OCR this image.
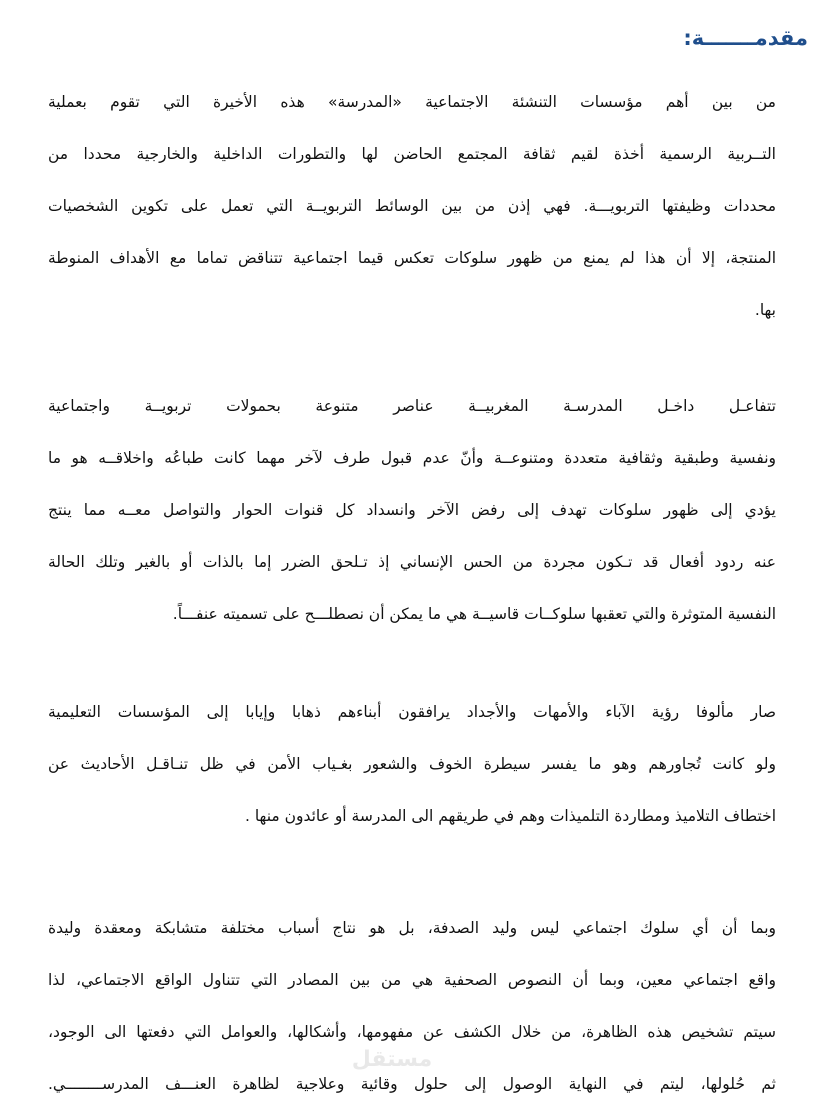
مقدمـــــــة:
من بين أهم مؤسسات التنشئة الاجتماعية «المدرسة» هذه الأخيرة التي تقوم بعملية
التــربية الرسمية أخذة لقيم ثقافة المجتمع الحاضن لها والتطورات الداخلية والخارجية محددا من
محددات وظيفتها التربويـــة. فهي إذن من بين الوسائط التربويــة التي تعمل على تكوين الشخصيات
المنتجة، إلا أن هذا لم يمنع من ظهور سلوكات تعكس قيما اجتماعية تتناقض تماما مع الأهداف المنوطة
بها.
تتفاعـل داخـل المدرسـة المغربيــة عناصر متنوعة بحمولات تربويــة واجتماعية
ونفسية وطبقية وثقافية متعددة ومتنوعــة وأنّ عدم قبول طرف لآخر مهما كانت طباعُه واخلاقــه هو ما
يؤدي إلى ظهور سلوكات تهدف إلى رفض الآخر وانسداد كل قنوات الحوار والتواصل معــه مما ينتج
عنه ردود أفعال قد تـكون مجردة من الحس الإنساني إذ تـلحق الضرر إما بالذات أو بالغير وتلك الحالة
النفسية المتوثرة والتي تعقبها سلوكــات قاسيــة هي ما يمكن أن نصطلـــح على تسميته عنفـــاً.
صار مألوفا رؤية الآباء والأمهات والأجداد يرافقون أبناءهم ذهابا وإيابا إلى المؤسسات التعليمية
ولو كانت تُجاورهم وهو ما يفسر سيطرة الخوف والشعور بغـياب الأمن في ظل تنـاقـل الأحاديث عن
اختطاف التلاميذ ومطاردة التلميذات وهم في طريقهم الى المدرسة أو عائدون منها .
وبما أن أي سلوك اجتماعي ليس وليد الصدفة، بل هو نتاج أسباب مختلفة متشابكة ومعقدة وليدة
واقع اجتماعي معين، وبما أن النصوص الصحفية هي من بين المصادر التي تتناول الواقع الاجتماعي، لذا
سيتم تشخيص هذه الظاهرة، من خلال الكشف عن مفهومها، وأشكالها، والعوامل التي دفعتها الى الوجود،
ثم حُلولها، ليتم في النهاية الوصول إلى حلول وقائية وعلاجية لظاهرة العنـــف المدرســــــــي.
مستقل
